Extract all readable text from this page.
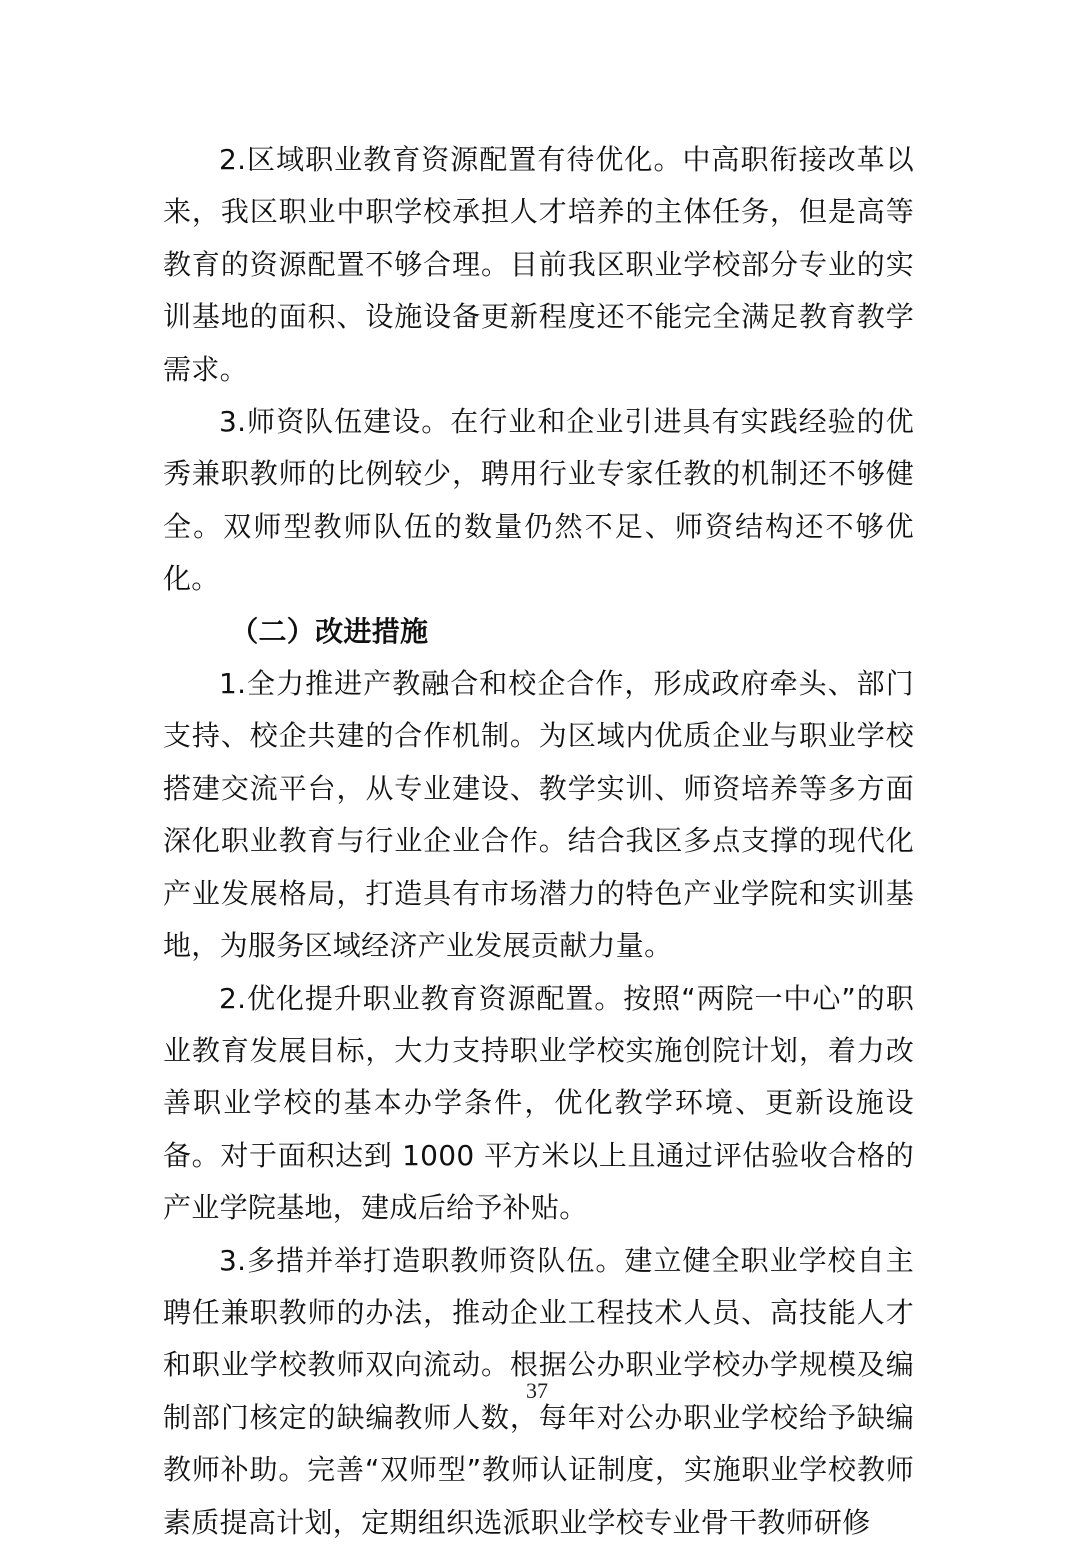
2.区域职业教育资源配置有待优化。中高职衔接改革以来，我区职业中职学校承担人才培养的主体任务，但是高等教育的资源配置不够合理。目前我区职业学校部分专业的实训基地的面积、设施设备更新程度还不能完全满足教育教学需求。

3.师资队伍建设。在行业和企业引进具有实践经验的优秀兼职教师的比例较少，聘用行业专家任教的机制还不够健全。双师型教师队伍的数量仍然不足、师资结构还不够优化。

（二）改进措施

1.全力推进产教融合和校企合作，形成政府牵头、部门支持、校企共建的合作机制。为区域内优质企业与职业学校搭建交流平台，从专业建设、教学实训、师资培养等多方面深化职业教育与行业企业合作。结合我区多点支撑的现代化产业发展格局，打造具有市场潜力的特色产业学院和实训基地，为服务区域经济产业发展贡献力量。

2.优化提升职业教育资源配置。按照“两院一中心”的职业教育发展目标，大力支持职业学校实施创院计划，着力改善职业学校的基本办学条件，优化教学环境、更新设施设备。对于面积达到 1000 平方米以上且通过评估验收合格的产业学院基地，建成后给予补贴。

3.多措并举打造职教师资队伍。建立健全职业学校自主聘任兼职教师的办法，推动企业工程技术人员、高技能人才和职业学校教师双向流动。根据公办职业学校办学规模及编制部门核定的缺编教师人数，每年对公办职业学校给予缺编教师补助。完善“双师型”教师认证制度，实施职业学校教师素质提高计划，定期组织选派职业学校专业骨干教师研修

37
